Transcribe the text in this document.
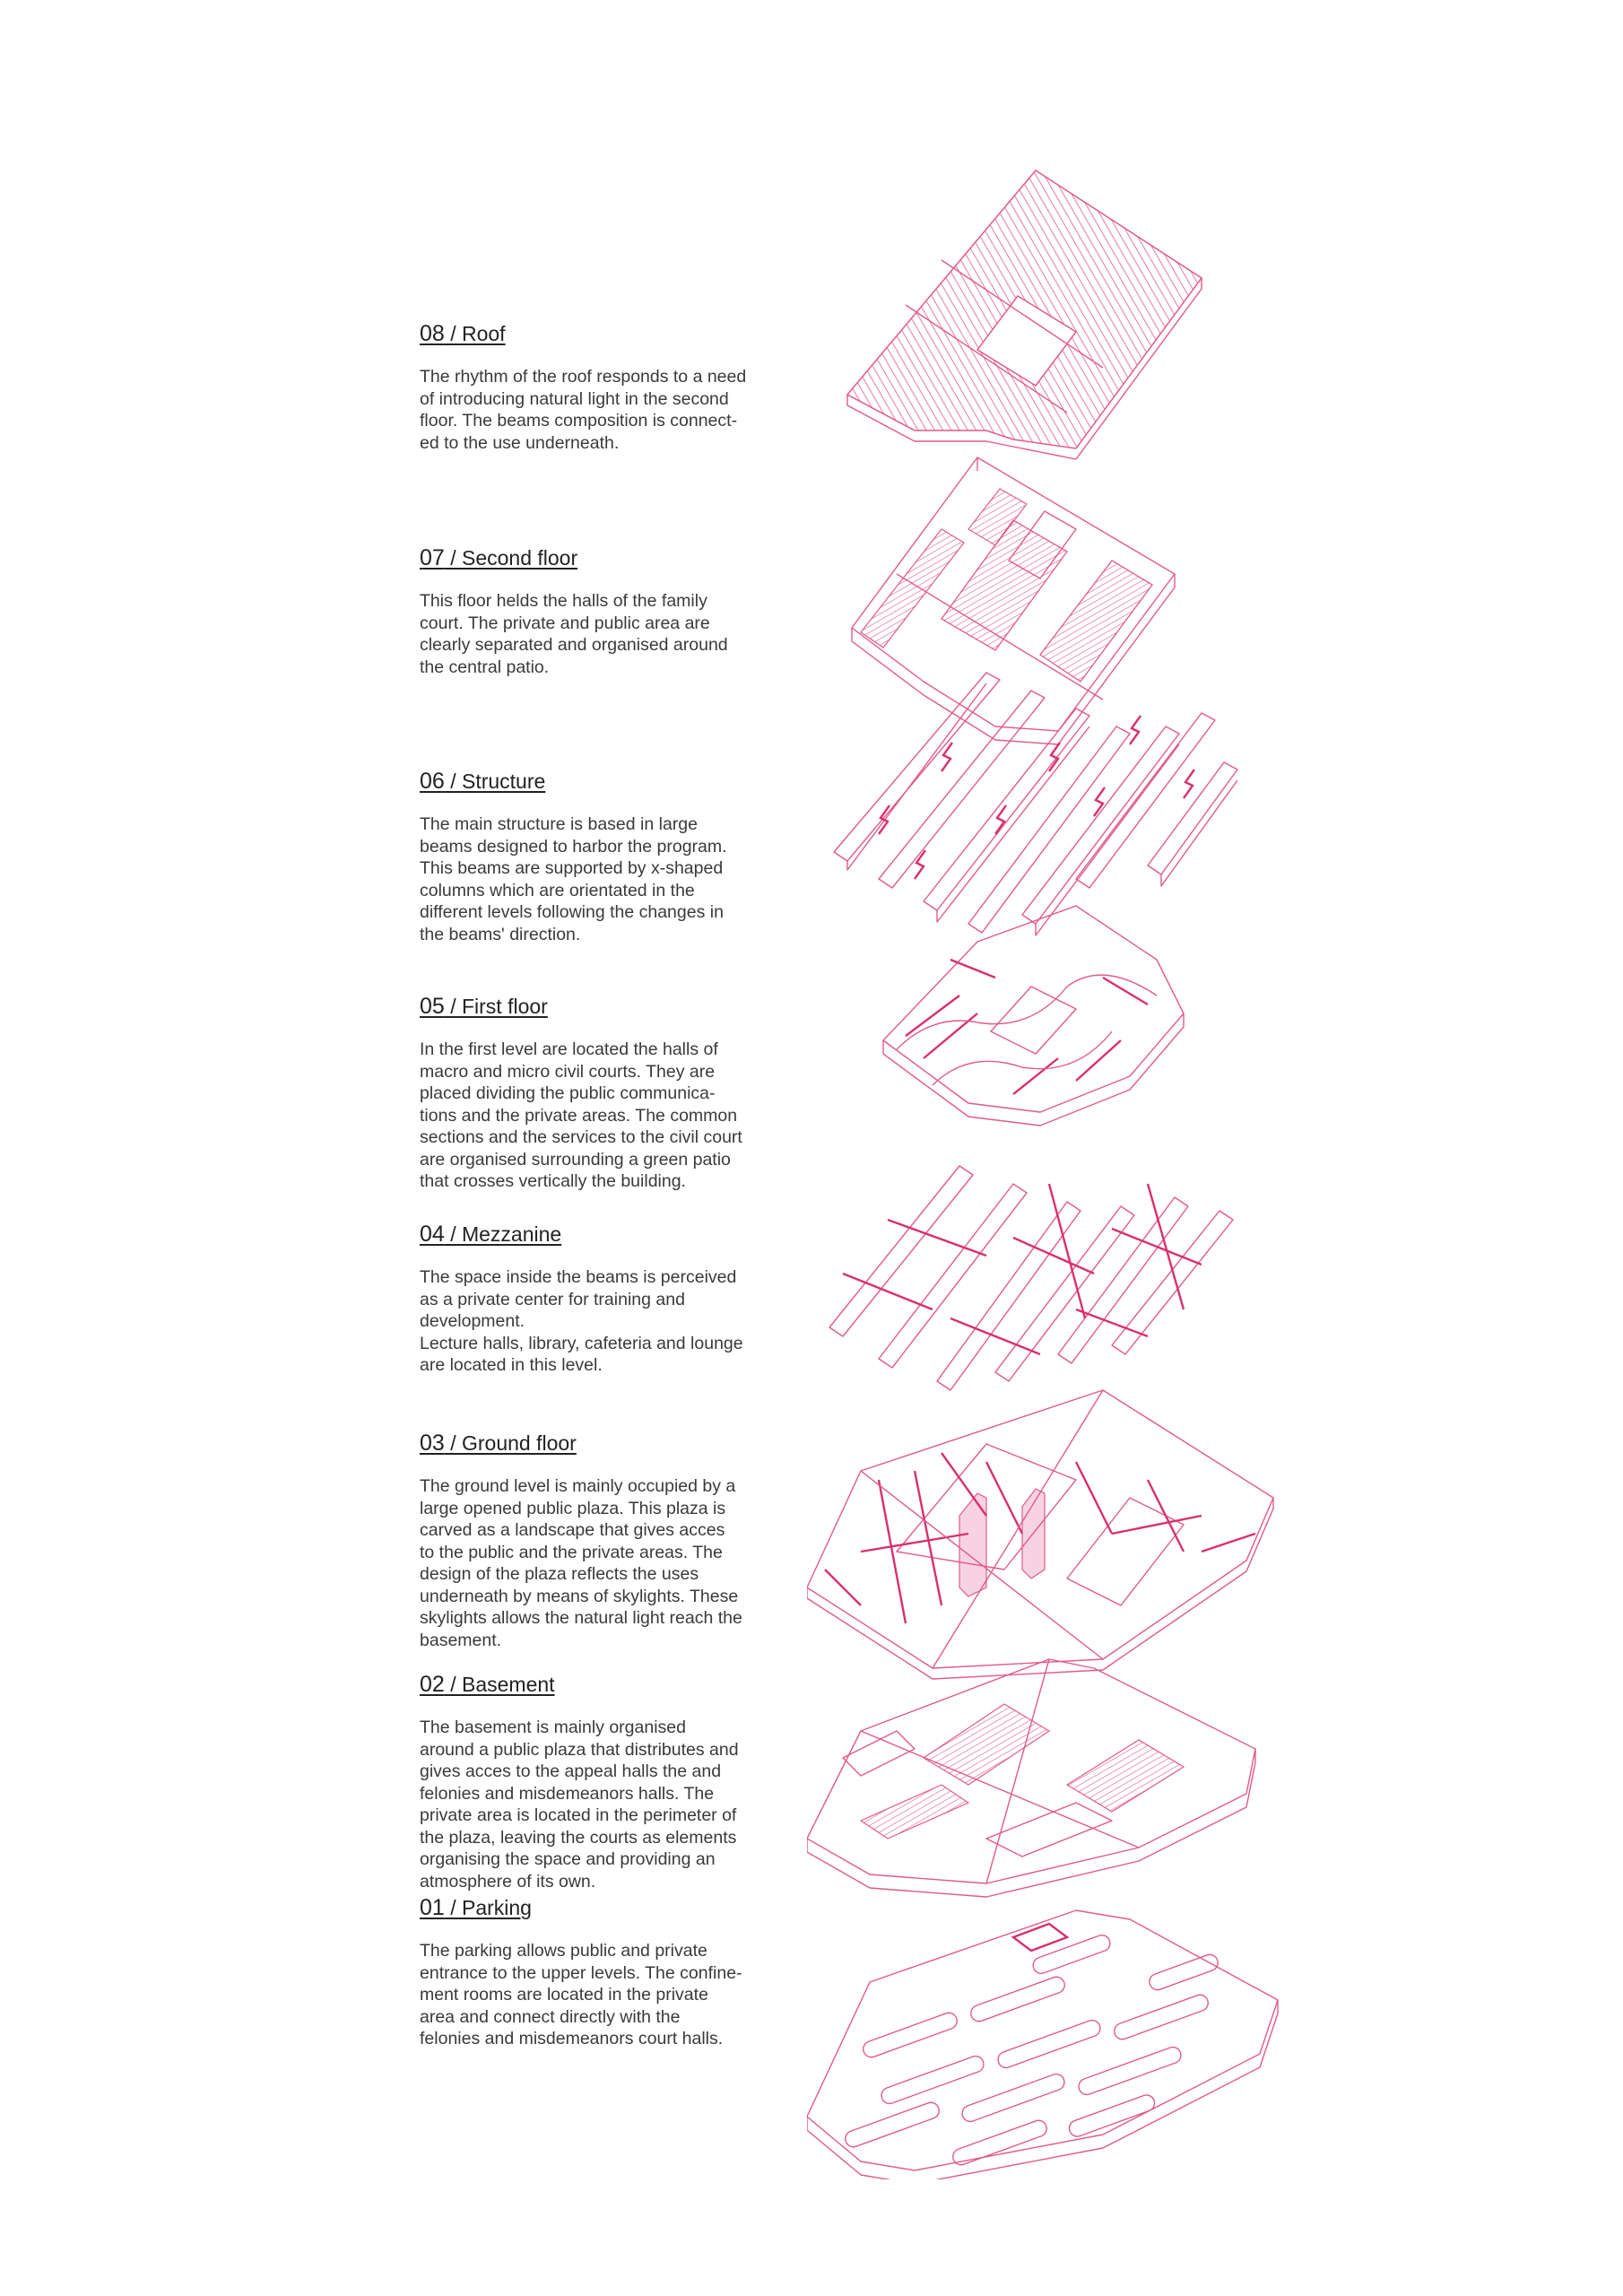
08 / Roof

The rhythm of the roof responds to a need
of introducing natural light in the second
floor. The beams composition is connect-
ed to the use underneath.

07 / Second floor

This floor helds the halls of the family
court. The private and public area are
clearly separated and organised around
the central patio.

06 / Structure

The main structure is based in large
beams designed to harbor the program.
This beams are supported by x-shaped
columns which are orientated in the
different levels following the changes in
the beams' direction.

05 / First floor

In the first level are located the halls of
macro and micro civil courts. They are
placed dividing the public communica-
tions and the private areas. The common
sections and the services to the civil court
are organised surrounding a green patio
that crosses vertically the building.

04 / Mezzanine

The space inside the beams is perceived
as a private center for training and
development.
Lecture halls, library, cafeteria and lounge
are located in this level.

03 / Ground floor

The ground level is mainly occupied by a
large opened public plaza. This plaza is
carved as a landscape that gives acces
to the public and the private areas. The
design of the plaza reflects the uses
underneath by means of skylights. These
skylights allows the natural light reach the
basement.

02 / Basement

The basement is mainly organised
around a public plaza that distributes and
gives acces to the appeal halls the and
felonies and misdemeanors halls. The
private area is located in the perimeter of
the plaza, leaving the courts as elements
organising the space and providing an
atmosphere of its own.

01 / Parking

The parking allows public and private
entrance to the upper levels. The confine-
ment rooms are located in the private
area and connect directly with the
felonies and misdemeanors court halls.
